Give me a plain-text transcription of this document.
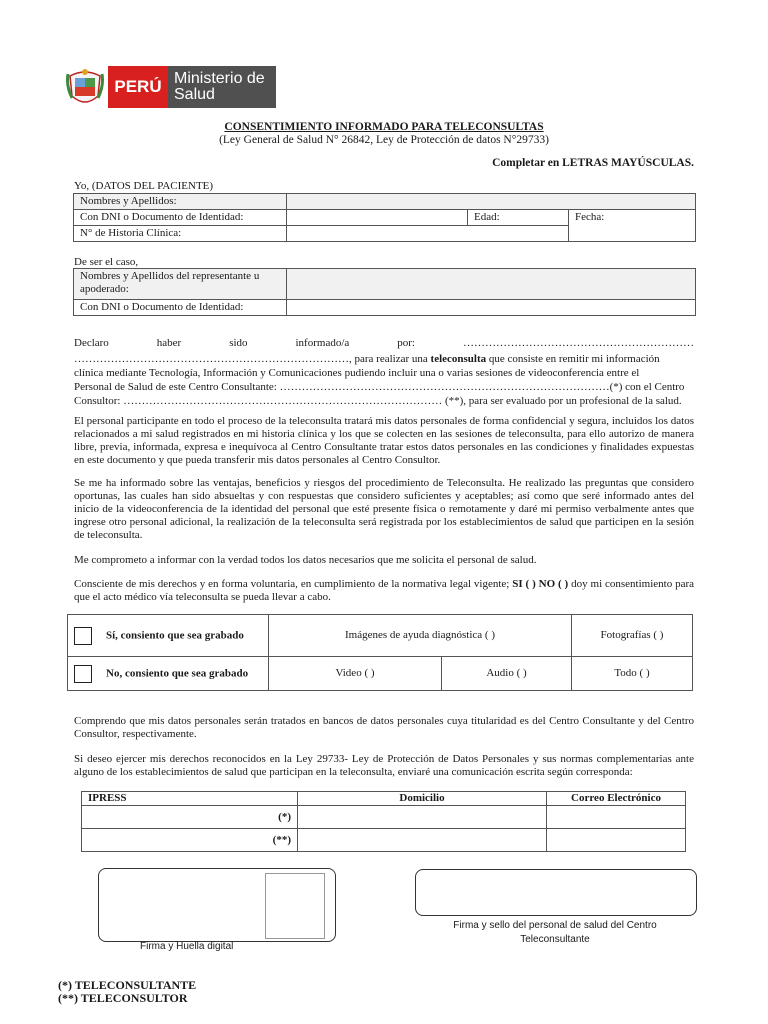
PERÚ Ministerio de Salud
CONSENTIMIENTO INFORMADO PARA TELECONSULTAS
(Ley General de Salud N° 26842, Ley de Protección de datos N°29733)
Completar en LETRAS MAYÚSCULAS.
Yo, (DATOS DEL PACIENTE)
Nombres y Apellidos:			
Con DNI o Documento de Identidad:		Edad:	Fecha:
N° de Historia Clínica:			
De ser el caso,
Nombres y Apellidos del representante u apoderado:	
Con DNI o Documento de Identidad:	
Declaro	haber	sido	informado/a	por:	………………………………………………………
…………………………………………………………………, para realizar una teleconsulta que consiste en remitir mi información
clínica mediante Tecnología, Información y Comunicaciones pudiendo incluir una o varias sesiones de videoconferencia entre el
Personal de Salud de este Centro Consultante: ………………………………………………………………………………(*) con el Centro
Consultor: …………………………………………………………………………… (**), para ser evaluado por un profesional de la salud.
El personal participante en todo el proceso de la teleconsulta tratará mis datos personales de forma confidencial y segura, incluidos los datos relacionados a mi salud registrados en mi historia clínica y los que se colecten en las sesiones de teleconsulta, para ello autorizo de manera libre, previa, informada, expresa e inequívoca al Centro Consultante tratar estos datos personales en las condiciones y finalidades expuestas en este documento y que pueda transferir mis datos personales al Centro Consultor.
Se me ha informado sobre las ventajas, beneficios y riesgos del procedimiento de Teleconsulta. He realizado las preguntas que considero oportunas, las cuales han sido absueltas y con respuestas que considero suficientes y aceptables; así como que seré informado antes del inicio de la videoconferencia de la identidad del personal que esté presente física o remotamente y daré mi permiso verbalmente antes que ingrese otro personal adicional, la realización de la teleconsulta será registrada por los establecimientos de salud que participen en la sesión de teleconsulta.
Me comprometo a informar con la verdad todos los datos necesarios que me solicita el personal de salud.
Consciente de mis derechos y en forma voluntaria, en cumplimiento de la normativa legal vigente; SI ( ) NO ( ) doy mi consentimiento para que el acto médico vía teleconsulta se pueda llevar a cabo.
Sí, consiento que sea grabado	Imágenes de ayuda diagnóstica ( )		Fotografías ( )
No, consiento que sea grabado	Video ( )	Audio ( )	Todo ( )
Comprendo que mis datos personales serán tratados en bancos de datos personales cuya titularidad es del Centro Consultante y del Centro Consultor, respectivamente.
Si deseo ejercer mis derechos reconocidos en la Ley 29733- Ley de Protección de Datos Personales y sus normas complementarias ante alguno de los establecimientos de salud que participan en la teleconsulta, enviaré una comunicación escrita según corresponda:
IPRESS	Domicilio	Correo Electrónico
(*)		
(**)		
Firma y Huella digital
Firma y sello del personal de salud del Centro
Teleconsultante
(*) TELECONSULTANTE
(**) TELECONSULTOR
